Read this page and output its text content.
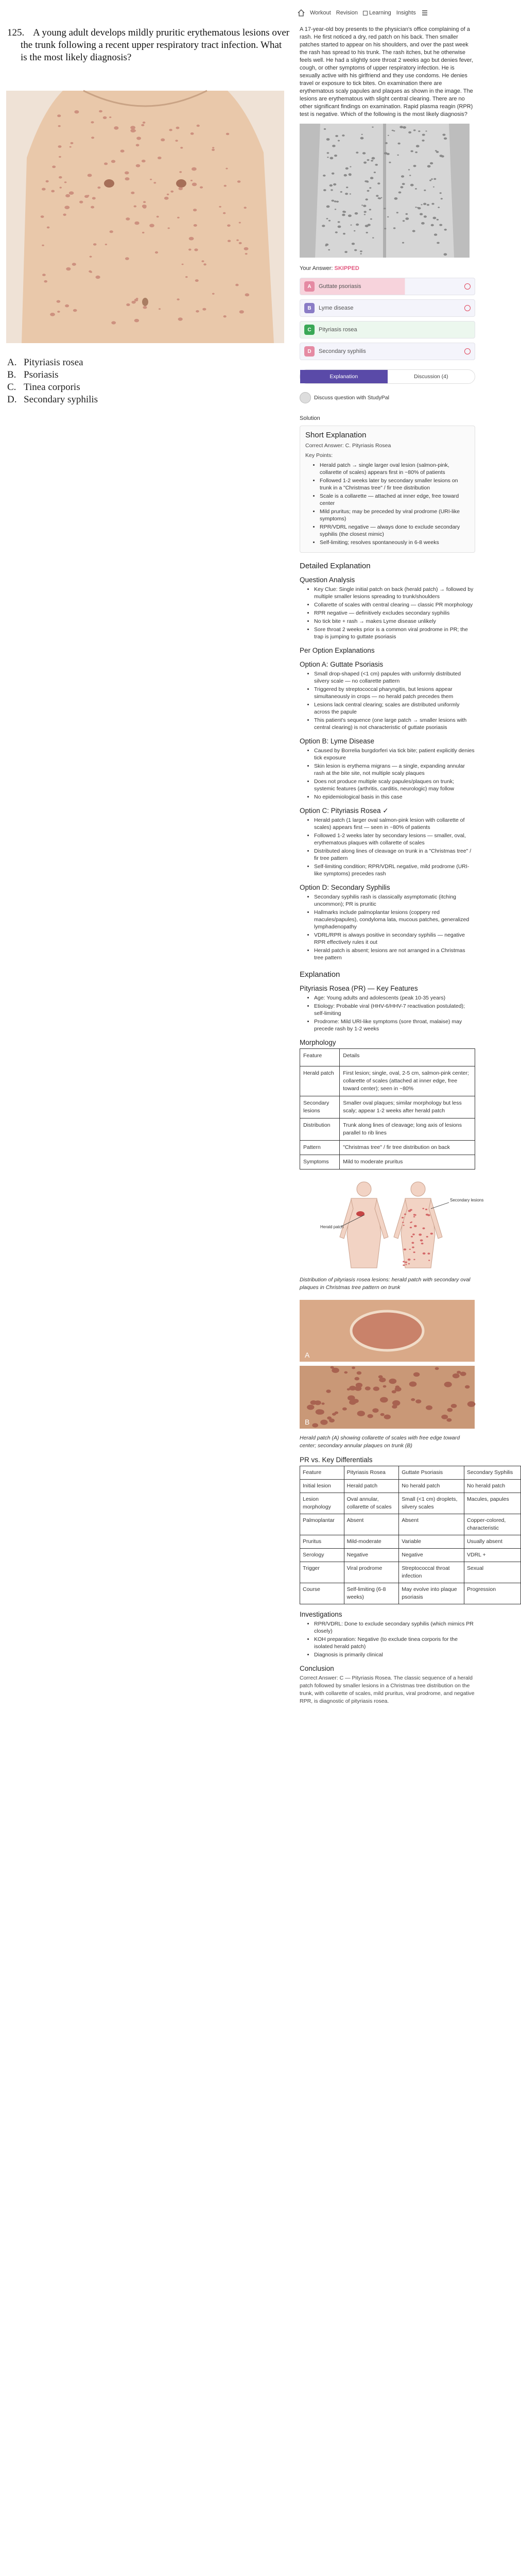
125. A young adult develops mildly pruritic erythematous lesions over the trunk following a recent upper respiratory tract infection. What is the most likely diagnosis?

A. Pityriasis rosea
B. Psoriasis
C. Tinea corporis
D. Secondary syphilis
Workout Revision Learning Insights

A 17-year-old boy presents to the physician's office complaining of a rash. He first noticed a dry, red patch on his back. Then smaller patches started to appear on his shoulders, and over the past week the rash has spread to his trunk. The rash itches, but he otherwise feels well. He had a slightly sore throat 2 weeks ago but denies fever, cough, or other symptoms of upper respiratory infection. He is sexually active with his girlfriend and they use condoms. He denies travel or exposure to tick bites. On examination there are erythematous scaly papules and plaques as shown in the image. The lesions are erythematous with slight central clearing. There are no other significant findings on examination. Rapid plasma reagin (RPR) test is negative. Which of the following is the most likely diagnosis?

Your Answer: SKIPPED

A	Guttate psoriasis
B	Lyme disease
C	Pityriasis rosea
D	Secondary syphilis
Explanation	Discussion (4)
Discuss question with StudyPal

Solution

Short Explanation

Correct Answer: C. Pityriasis Rosea

Key Points:

• Herald patch → single larger oval lesion (salmon-pink, collarette of scales) appears first in ~80% of patients
• Followed 1-2 weeks later by secondary smaller lesions on trunk in a "Christmas tree" / fir tree distribution
• Scale is a collarette — attached at inner edge, free toward center
• Mild pruritus; may be preceded by viral prodrome (URI-like symptoms)
• RPR/VDRL negative — always done to exclude secondary syphilis (the closest mimic)
• Self-limiting; resolves spontaneously in 6-8 weeks

Detailed Explanation

Question Analysis

• Key Clue: Single initial patch on back (herald patch) → followed by multiple smaller lesions spreading to trunk/shoulders
• Collarette of scales with central clearing — classic PR morphology
• RPR negative — definitively excludes secondary syphilis
• No tick bite + rash → makes Lyme disease unlikely
• Sore throat 2 weeks prior is a common viral prodrome in PR; the trap is jumping to guttate psoriasis

Per Option Explanations

Option A: Guttate Psoriasis

• Small drop-shaped (<1 cm) papules with uniformly distributed silvery scale — no collarette pattern
• Triggered by streptococcal pharyngitis, but lesions appear simultaneously in crops — no herald patch precedes them
• Lesions lack central clearing; scales are distributed uniformly across the papule
• This patient's sequence (one large patch → smaller lesions with central clearing) is not characteristic of guttate psoriasis

Option B: Lyme Disease

• Caused by Borrelia burgdorferi via tick bite; patient explicitly denies tick exposure
• Skin lesion is erythema migrans — a single, expanding annular rash at the bite site, not multiple scaly plaques
• Does not produce multiple scaly papules/plaques on trunk; systemic features (arthritis, carditis, neurologic) may follow
• No epidemiological basis in this case

Option C: Pityriasis Rosea ✓

• Herald patch (1 larger oval salmon-pink lesion with collarette of scales) appears first — seen in ~80% of patients
• Followed 1-2 weeks later by secondary lesions — smaller, oval, erythematous plaques with collarette of scales
• Distributed along lines of cleavage on trunk in a "Christmas tree" / fir tree pattern
• Self-limiting condition; RPR/VDRL negative, mild prodrome (URI-like symptoms) precedes rash

Option D: Secondary Syphilis

• Secondary syphilis rash is classically asymptomatic (itching uncommon); PR is pruritic
• Hallmarks include palmoplantar lesions (coppery red macules/papules), condyloma lata, mucous patches, generalized lymphadenopathy
• VDRL/RPR is always positive in secondary syphilis — negative RPR effectively rules it out
• Herald patch is absent; lesions are not arranged in a Christmas tree pattern

Explanation

Pityriasis Rosea (PR) — Key Features

• Age: Young adults and adolescents (peak 10-35 years)
• Etiology: Probable viral (HHV-6/HHV-7 reactivation postulated); self-limiting
• Prodrome: Mild URI-like symptoms (sore throat, malaise) may precede rash by 1-2 weeks

Morphology

Feature	Details
Herald patch	First lesion; single, oval, 2-5 cm, salmon-pink center; collarette of scales (attached at inner edge, free toward center); seen in ~80%
Secondary lesions	Smaller oval plaques; similar morphology but less scaly; appear 1-2 weeks after herald patch
Distribution	Trunk along lines of cleavage; long axis of lesions parallel to rib lines
Pattern	"Christmas tree" / fir tree distribution on back
Symptoms	Mild to moderate pruritus
Secondary lesions
Herald patch

Distribution of pityriasis rosea lesions: herald patch with secondary oval plaques in Christmas tree pattern on trunk

A
B

Herald patch (A) showing collarette of scales with free edge toward center; secondary annular plaques on trunk (B)

PR vs. Key Differentials

Feature	Pityriasis Rosea	Guttate Psoriasis	Secondary Syphilis
Initial lesion	Herald patch	No herald patch	No herald patch
Lesion morphology	Oval annular, collarette of scales	Small (<1 cm) droplets, silvery scales	Macules, papules
Palmoplantar	Absent	Absent	Copper-colored, characteristic
Pruritus	Mild-moderate	Variable	Usually absent
Serology	Negative	Negative	VDRL +
Trigger	Viral prodrome	Streptococcal throat infection	Sexual
Course	Self-limiting (6-8 weeks)	May evolve into plaque psoriasis	Progression

Investigations

• RPR/VDRL: Done to exclude secondary syphilis (which mimics PR closely)
• KOH preparation: Negative (to exclude tinea corporis for the isolated herald patch)
• Diagnosis is primarily clinical

Conclusion

Correct Answer: C — Pityriasis Rosea. The classic sequence of a herald patch followed by smaller lesions in a Christmas tree distribution on the trunk, with collarette of scales, mild pruritus, viral prodrome, and negative RPR, is diagnostic of pityriasis rosea.
